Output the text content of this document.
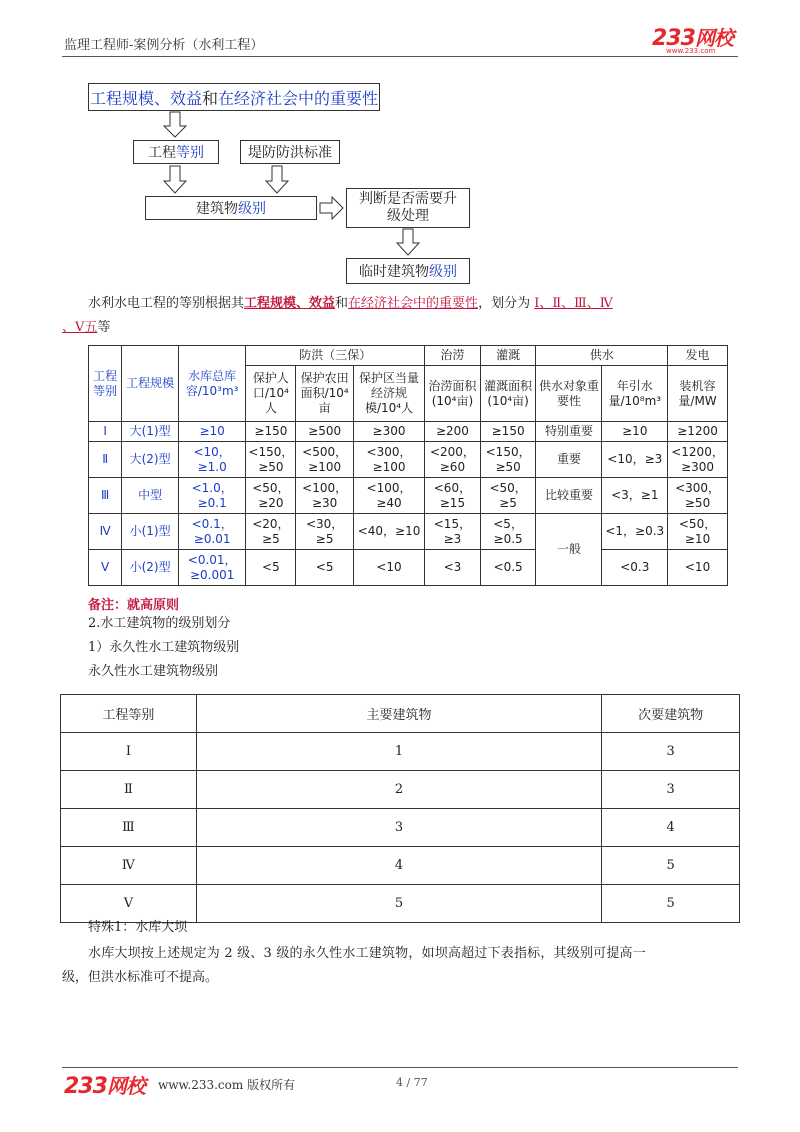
监理工程师-案例分析（水利工程）	233网校
www.233.com
工程规模、效益 和 在经济社会中的重要性
工程 等别	堤防防洪标准
建筑物 级别
判断是否需要升级处理
临时建筑物 级别
水利水电工程的等别根据其工程规模、效益和在经济社会中的重要性，划分为 Ⅰ、Ⅱ、Ⅲ、Ⅳ
、Ⅴ五等
工程等别	工程规模	水库总库容/10³m³	防洪（三保）			治涝	灌溉	供水		发电
			保护人口/10⁴人	保护农田面积/10⁴亩	保护区当量经济规模/10⁴人	治涝面积(10⁴亩)	灌溉面积(10⁴亩)	供水对象重要性	年引水量/10⁸m³	装机容量/MW
Ⅰ	大(1)型	≥10	≥150	≥500	≥300	≥200	≥150	特别重要	≥10	≥1200
Ⅱ	大(2)型	<10，≥1.0	<150，≥50	<500，≥100	<300，≥100	<200，≥60	<150，≥50	重要	<10，≥3	<1200，≥300
Ⅲ	中型	<1.0，≥0.1	<50，≥20	<100，≥30	<100，≥40	<60，≥15	<50，≥5	比较重要	<3，≥1	<300，≥50
Ⅳ	小(1)型	<0.1，≥0.01	<20，≥5	<30，≥5	<40，≥10	<15，≥3	<5，≥0.5	一般	<1，≥0.3	<50，≥10
Ⅴ	小(2)型	<0.01，≥0.001	<5	<5	<10	<3	<0.5		<0.3	<10
备注：就高原则
2.水工建筑物的级别划分
1）永久性水工建筑物级别
永久性水工建筑物级别
工程等别	主要建筑物	次要建筑物
Ⅰ	1	3
Ⅱ	2	3
Ⅲ	3	4
Ⅳ	4	5
Ⅴ	5	5
特殊1：水库大坝
水库大坝按上述规定为 2 级、3 级的永久性水工建筑物，如坝高超过下表指标，其级别可提高一
级，但洪水标准可不提高。
233网校 www.233.com 版权所有	4 / 77
